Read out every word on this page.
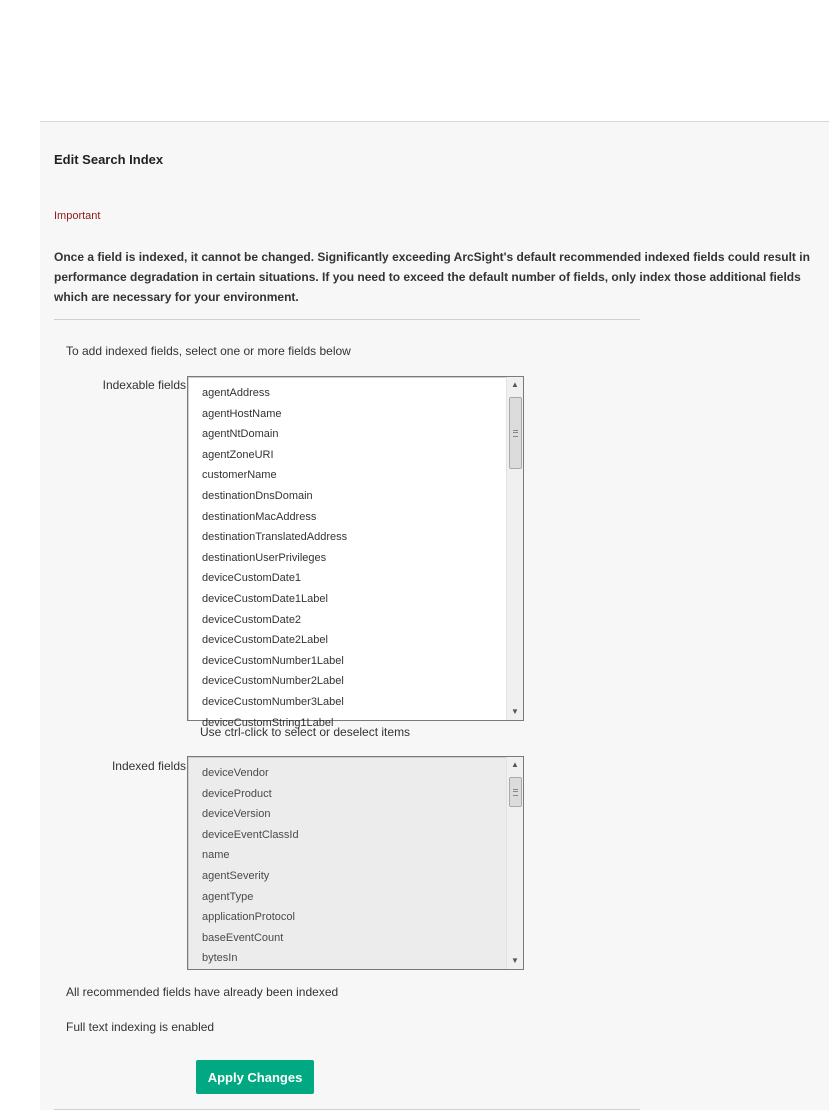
Edit Search Index
Important
Once a field is indexed, it cannot be changed. Significantly exceeding ArcSight's default recommended indexed fields could result in performance degradation in certain situations. If you need to exceed the default number of fields, only index those additional fields which are necessary for your environment.
To add indexed fields, select one or more fields below
Indexable fields
agentAddress
agentHostName
agentNtDomain
agentZoneURI
customerName
destinationDnsDomain
destinationMacAddress
destinationTranslatedAddress
destinationUserPrivileges
deviceCustomDate1
deviceCustomDate1Label
deviceCustomDate2
deviceCustomDate2Label
deviceCustomNumber1Label
deviceCustomNumber2Label
deviceCustomNumber3Label
deviceCustomString1Label
▲
▼
Use ctrl-click to select or deselect items
Indexed fields	deviceVendor
deviceProduct
deviceVersion
deviceEventClassId
name
agentSeverity
agentType
applicationProtocol
baseEventCount
bytesIn
▲
▼
All recommended fields have already been indexed
Full text indexing is enabled
Apply Changes
